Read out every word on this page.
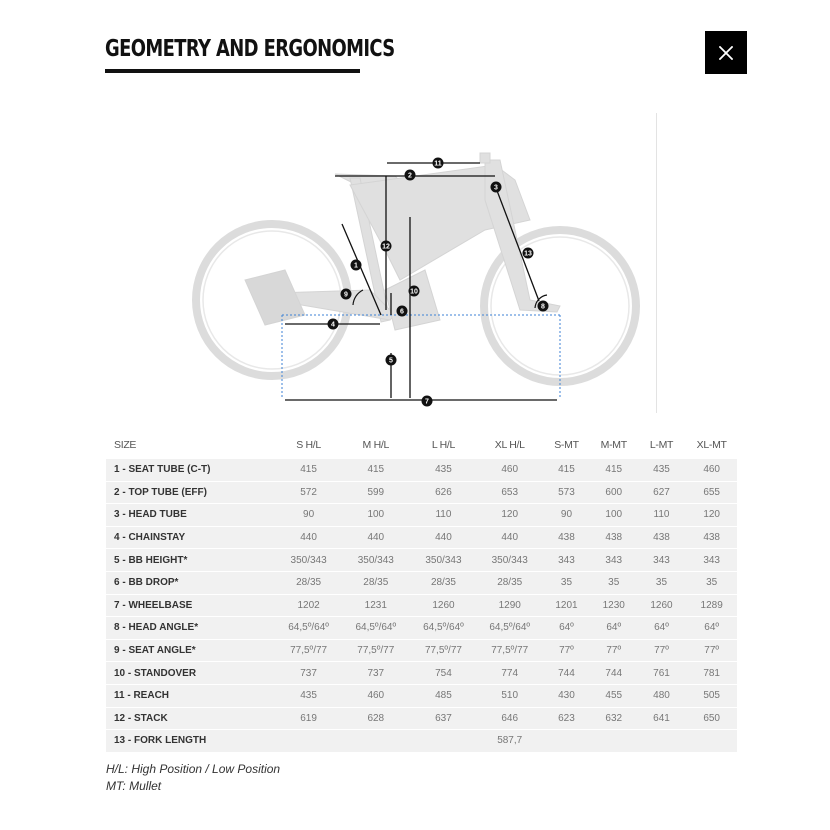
GEOMETRY AND ERGONOMICS
1
2
3
4
5
6
7
8
9	10
11
12
13
SIZE	S H/L	M H/L	L H/L	XL H/L	S-MT	M-MT	L-MT	XL-MT
1 - SEAT TUBE (C-T)	415	415	435	460	415	415	435	460
2 - TOP TUBE (EFF)	572	599	626	653	573	600	627	655
3 - HEAD TUBE	90	100	110	120	90	100	110	120
4 - CHAINSTAY	440	440	440	440	438	438	438	438
5 - BB HEIGHT*	350/343	350/343	350/343	350/343	343	343	343	343
6 - BB DROP*	28/35	28/35	28/35	28/35	35	35	35	35
7 - WHEELBASE	1202	1231	1260	1290	1201	1230	1260	1289
8 - HEAD ANGLE*	64,5º/64º	64,5º/64º	64,5º/64º	64,5º/64º	64º	64º	64º	64º
9 - SEAT ANGLE*	77,5º/77	77,5º/77	77,5º/77	77,5º/77	77º	77º	77º	77º
10 - STANDOVER	737	737	754	774	744	744	761	781
11 - REACH	435	460	485	510	430	455	480	505
12 - STACK	619	628	637	646	623	632	641	650
13 - FORK LENGTH				587,7				
H/L: High Position / Low Position
MT: Mullet
